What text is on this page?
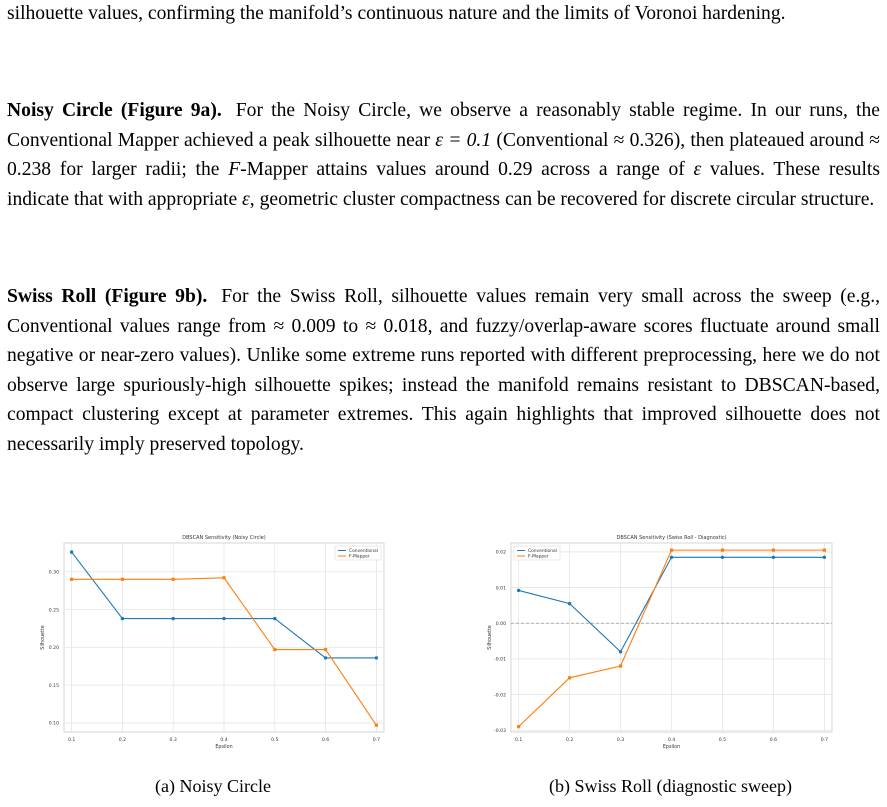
silhouette values, confirming the manifold’s continuous nature and the limits of Voronoi hardening.

Noisy Circle (Figure 9a). For the Noisy Circle, we observe a reasonably stable regime. In our runs, the Conventional Mapper achieved a peak silhouette near ε = 0.1 (Conventional ≈ 0.326), then plateaued around ≈ 0.238 for larger radii; the F-Mapper attains values around 0.29 across a range of ε values. These results indicate that with appropriate ε, geometric cluster compactness can be recovered for discrete circular structure.

Swiss Roll (Figure 9b). For the Swiss Roll, silhouette values remain very small across the sweep (e.g., Conventional values range from ≈ 0.009 to ≈ 0.018, and fuzzy/overlap-aware scores fluctuate around small negative or near-zero values). Unlike some extreme runs reported with different preprocessing, here we do not observe large spuriously-high silhouette spikes; instead the manifold remains resistant to DBSCAN-based, compact clustering except at parameter extremes. This again highlights that improved silhouette does not necessarily imply preserved topology.

0.10
0.15
0.20
0.25
0.30
0.1	0.2	0.3	0.4	0.5	0.6	0.7
DBSCAN Sensitivity (Noisy Circle)
Epsilon
Silhouette
Conventional
F-Mapper
(a) Noisy Circle
-0.03
-0.02
-0.01
0.00
0.01
0.02
0.1	0.2	0.3	0.4	0.5	0.6	0.7
DBSCAN Sensitivity (Swiss Roll - Diagnostic)
Epsilon
Silhouette
Conventional
F-Mapper
(b) Swiss Roll (diagnostic sweep)
